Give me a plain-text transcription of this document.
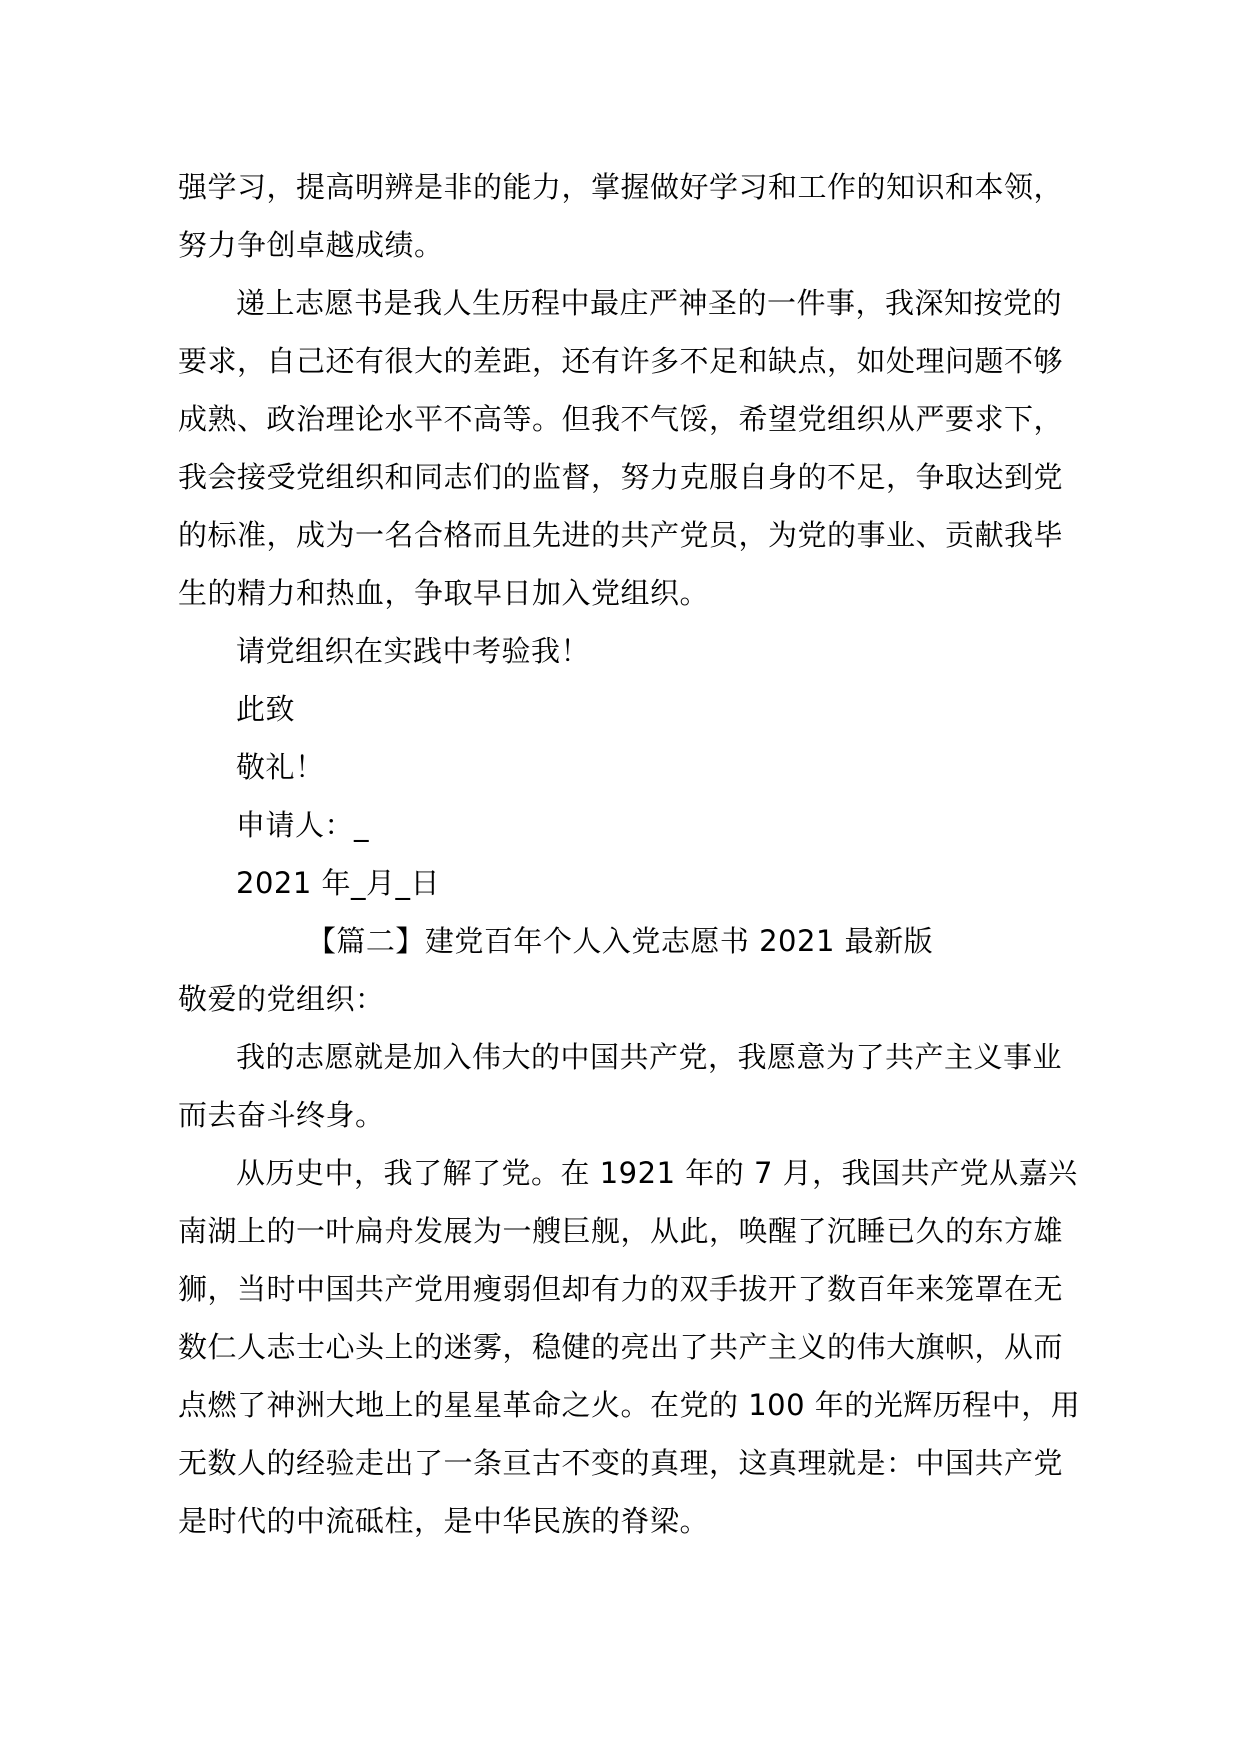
强学习，提高明辨是非的能力，掌握做好学习和工作的知识和本领，
努力争创卓越成绩。
递上志愿书是我人生历程中最庄严神圣的一件事，我深知按党的
要求，自己还有很大的差距，还有许多不足和缺点，如处理问题不够
成熟、政治理论水平不高等。但我不气馁，希望党组织从严要求下，
我会接受党组织和同志们的监督，努力克服自身的不足，争取达到党
的标准，成为一名合格而且先进的共产党员，为党的事业、贡献我毕
生的精力和热血，争取早日加入党组织。
请党组织在实践中考验我！
此致
敬礼！
申请人：_
2021 年_月_日
【篇二】建党百年个人入党志愿书 2021 最新版
敬爱的党组织：
我的志愿就是加入伟大的中国共产党，我愿意为了共产主义事业
而去奋斗终身。
从历史中，我了解了党。在 1921 年的 7 月，我国共产党从嘉兴
南湖上的一叶扁舟发展为一艘巨舰，从此，唤醒了沉睡已久的东方雄
狮，当时中国共产党用瘦弱但却有力的双手拔开了数百年来笼罩在无
数仁人志士心头上的迷雾，稳健的亮出了共产主义的伟大旗帜，从而
点燃了神洲大地上的星星革命之火。在党的 100 年的光辉历程中，用
无数人的经验走出了一条亘古不变的真理，这真理就是：中国共产党
是时代的中流砥柱，是中华民族的脊梁。
